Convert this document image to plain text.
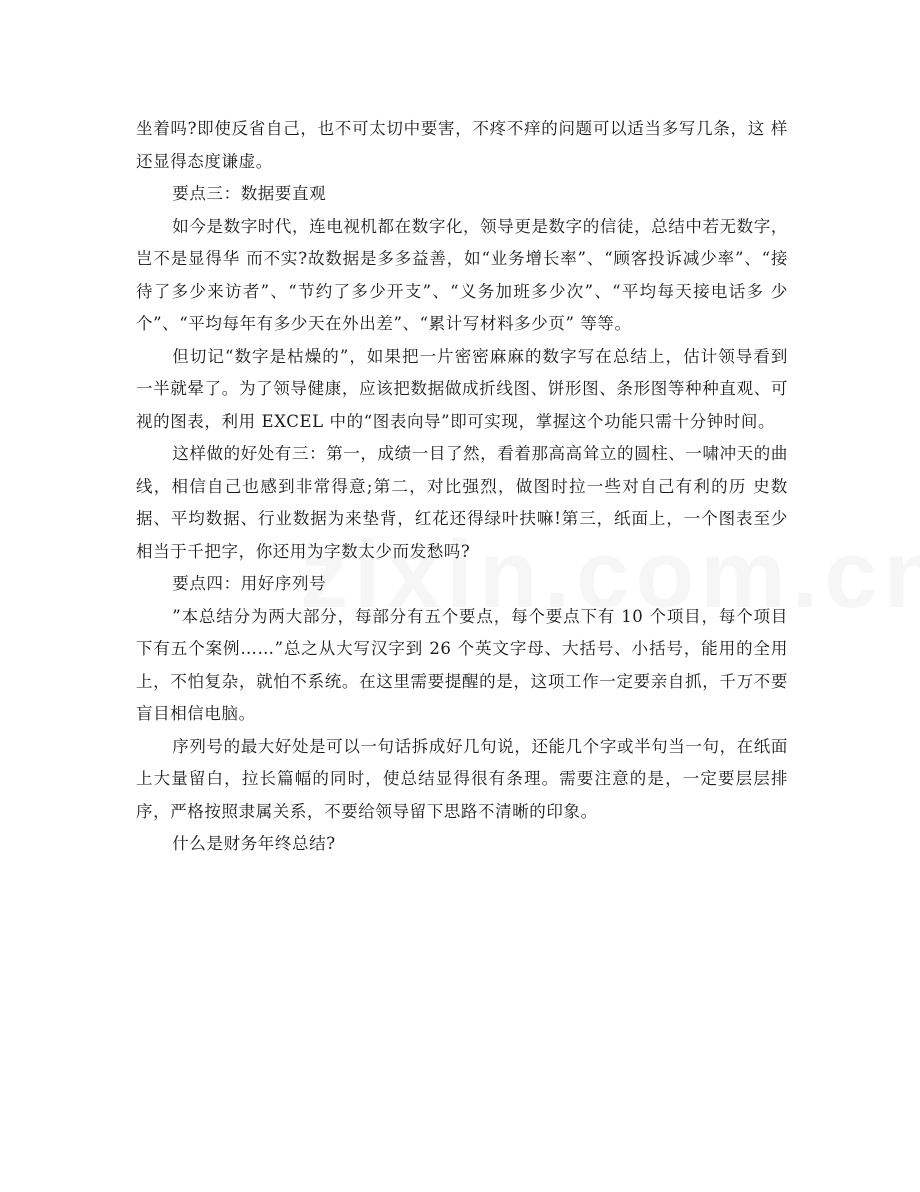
坐着吗?即使反省自己，也不可太切中要害，不疼不痒的问题可以适当多写几条，这 样还显得态度谦虚。

要点三：数据要直观

如今是数字时代，连电视机都在数字化，领导更是数字的信徒，总结中若无数字，岂不是显得华 而不实?故数据是多多益善，如“业务增长率”、“顾客投诉减少率”、“接待了多少来访者”、“节约了多少开支”、“义务加班多少次”、“平均每天接电话多 少个”、“平均每年有多少天在外出差”、“累计写材料多少页” 等等。

但切记“数字是枯燥的”，如果把一片密密麻麻的数字写在总结上，估计领导看到一半就晕了。为了领导健康，应该把数据做成折线图、饼形图、条形图等种种直观、可视的图表，利用 EXCEL 中的“图表向导”即可实现，掌握这个功能只需十分钟时间。

这样做的好处有三：第一，成绩一目了然，看着那高高耸立的圆柱、一啸冲天的曲线，相信自己也感到非常得意;第二，对比强烈，做图时拉一些对自己有利的历 史数据、平均数据、行业数据为来垫背，红花还得绿叶扶嘛!第三，纸面上，一个图表至少相当于千把字，你还用为字数太少而发愁吗?

要点四：用好序列号

”本总结分为两大部分，每部分有五个要点，每个要点下有 10 个项目，每个项目下有五个案例……”总之从大写汉字到 26 个英文字母、大括号、小括号，能用的全用上，不怕复杂，就怕不系统。在这里需要提醒的是，这项工作一定要亲自抓，千万不要盲目相信电脑。

序列号的最大好处是可以一句话拆成好几句说，还能几个字或半句当一句，在纸面上大量留白，拉长篇幅的同时，使总结显得很有条理。需要注意的是，一定要层层排序，严格按照隶属关系，不要给领导留下思路不清晰的印象。

什么是财务年终总结?
